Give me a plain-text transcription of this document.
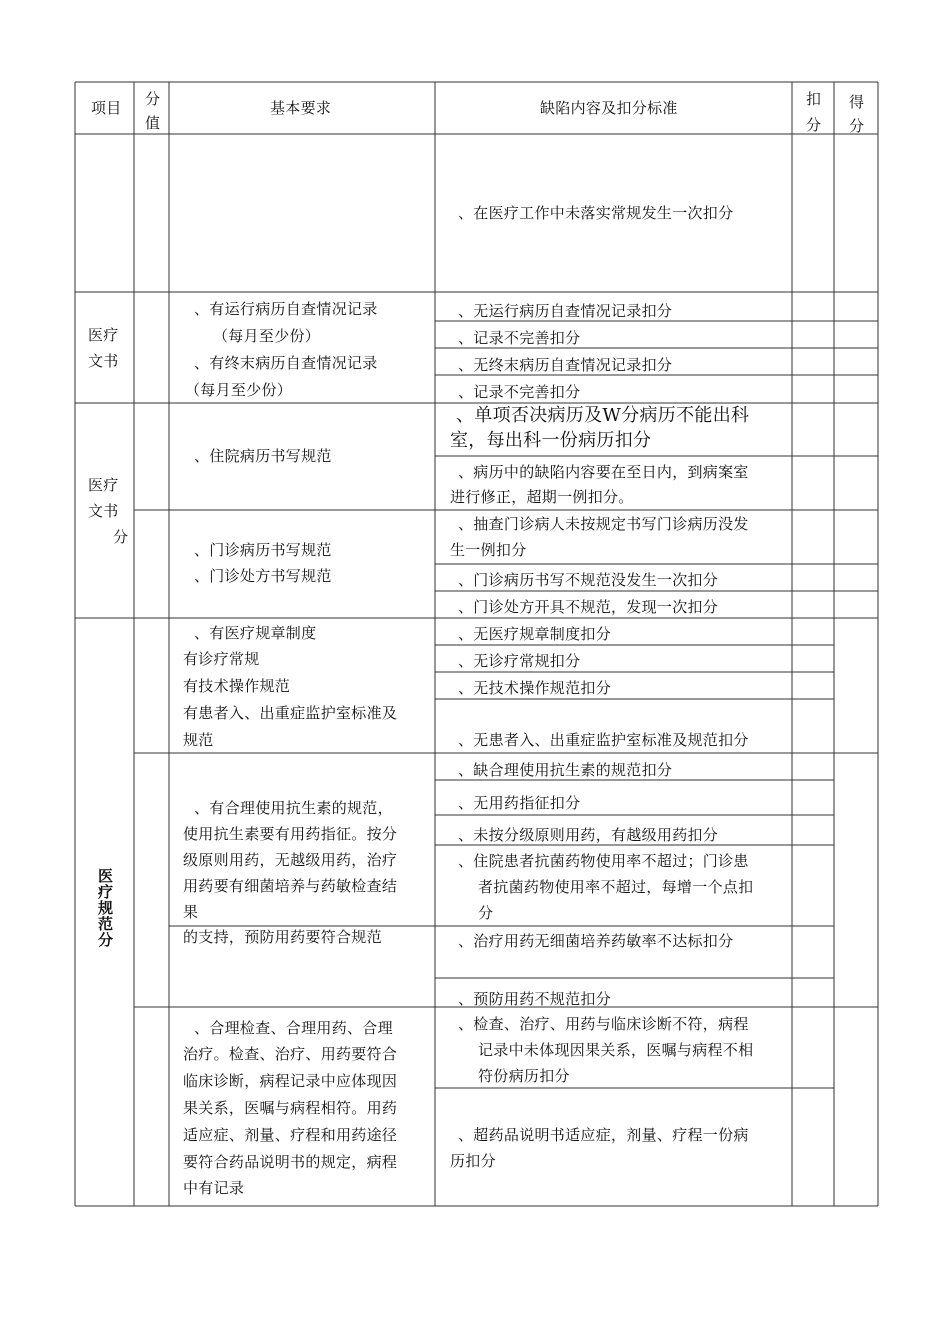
项目 分
值
基本要求	缺陷内容及扣分标准	扣
分
得
分
、在医疗工作中未落实常规发生一次扣分
医疗
文书
、有运行病历自查情况记录
（每月至少份）
、有终末病历自查情况记录
（每月至少份）
、无运行病历自查情况记录扣分
、记录不完善扣分
、无终末病历自查情况记录扣分
、记录不完善扣分
医疗
文书
分
、住院病历书写规范
、单项否决病历及W分病历不能出科
室，每出科一份病历扣分
、病历中的缺陷内容要在至日内，到病案室
进行修正，超期一例扣分。
、门诊病历书写规范
、门诊处方书写规范
、抽查门诊病人未按规定书写门诊病历没发
生一例扣分
、门诊病历书写不规范没发生一次扣分
、门诊处方开具不规范，发现一次扣分
医疗规范分
、有医疗规章制度
有诊疗常规
有技术操作规范
有患者入、出重症监护室标准及
规范
、无医疗规章制度扣分
、无诊疗常规扣分
、无技术操作规范扣分
、无患者入、出重症监护室标准及规范扣分
、有合理使用抗生素的规范，
使用抗生素要有用药指征。按分
级原则用药，无越级用药，治疗
用药要有细菌培养与药敏检查结
果
的支持，预防用药要符合规范
、缺合理使用抗生素的规范扣分
、无用药指征扣分
、未按分级原则用药，有越级用药扣分
、住院患者抗菌药物使用率不超过；门诊患
者抗菌药物使用率不超过，每增一个点扣
分
、治疗用药无细菌培养药敏率不达标扣分
、预防用药不规范扣分
、合理检查、合理用药、合理
治疗。检查、治疗、用药要符合
临床诊断，病程记录中应体现因
果关系，医嘱与病程相符。用药
适应症、剂量、疗程和用药途径
要符合药品说明书的规定，病程
中有记录
、检查、治疗、用药与临床诊断不符，病程
记录中未体现因果关系，医嘱与病程不相
符份病历扣分
、超药品说明书适应症，剂量、疗程一份病
历扣分
